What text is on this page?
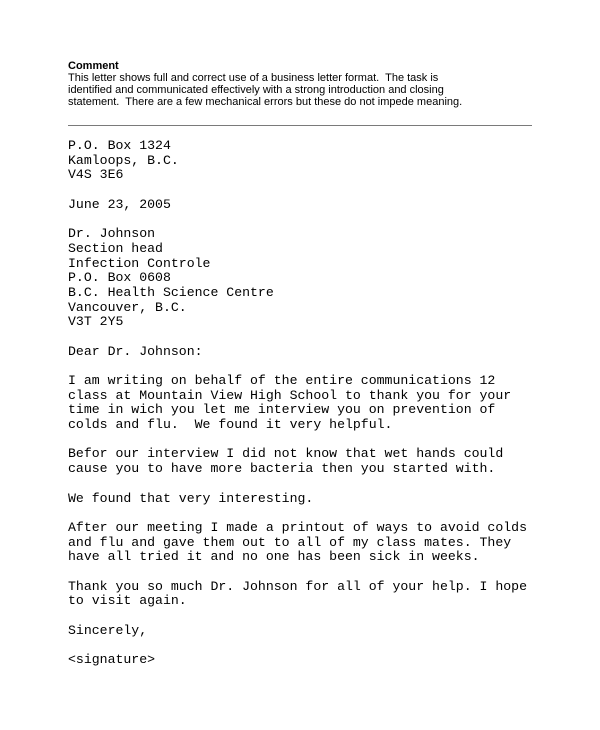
Comment
This letter shows full and correct use of a business letter format.  The task is
identified and communicated effectively with a strong introduction and closing
statement.  There are a few mechanical errors but these do not impede meaning.
P.O. Box 1324
Kamloops, B.C.
V4S 3E6
June 23, 2005
Dr. Johnson
Section head
Infection Controle
P.O. Box 0608
B.C. Health Science Centre
Vancouver, B.C.
V3T 2Y5
Dear Dr. Johnson:
I am writing on behalf of the entire communications 12
class at Mountain View High School to thank you for your
time in wich you let me interview you on prevention of
colds and flu.  We found it very helpful.
Befor our interview I did not know that wet hands could
cause you to have more bacteria then you started with.
We found that very interesting.
After our meeting I made a printout of ways to avoid colds
and flu and gave them out to all of my class mates. They
have all tried it and no one has been sick in weeks.
Thank you so much Dr. Johnson for all of your help. I hope
to visit again.
Sincerely,
<signature>
